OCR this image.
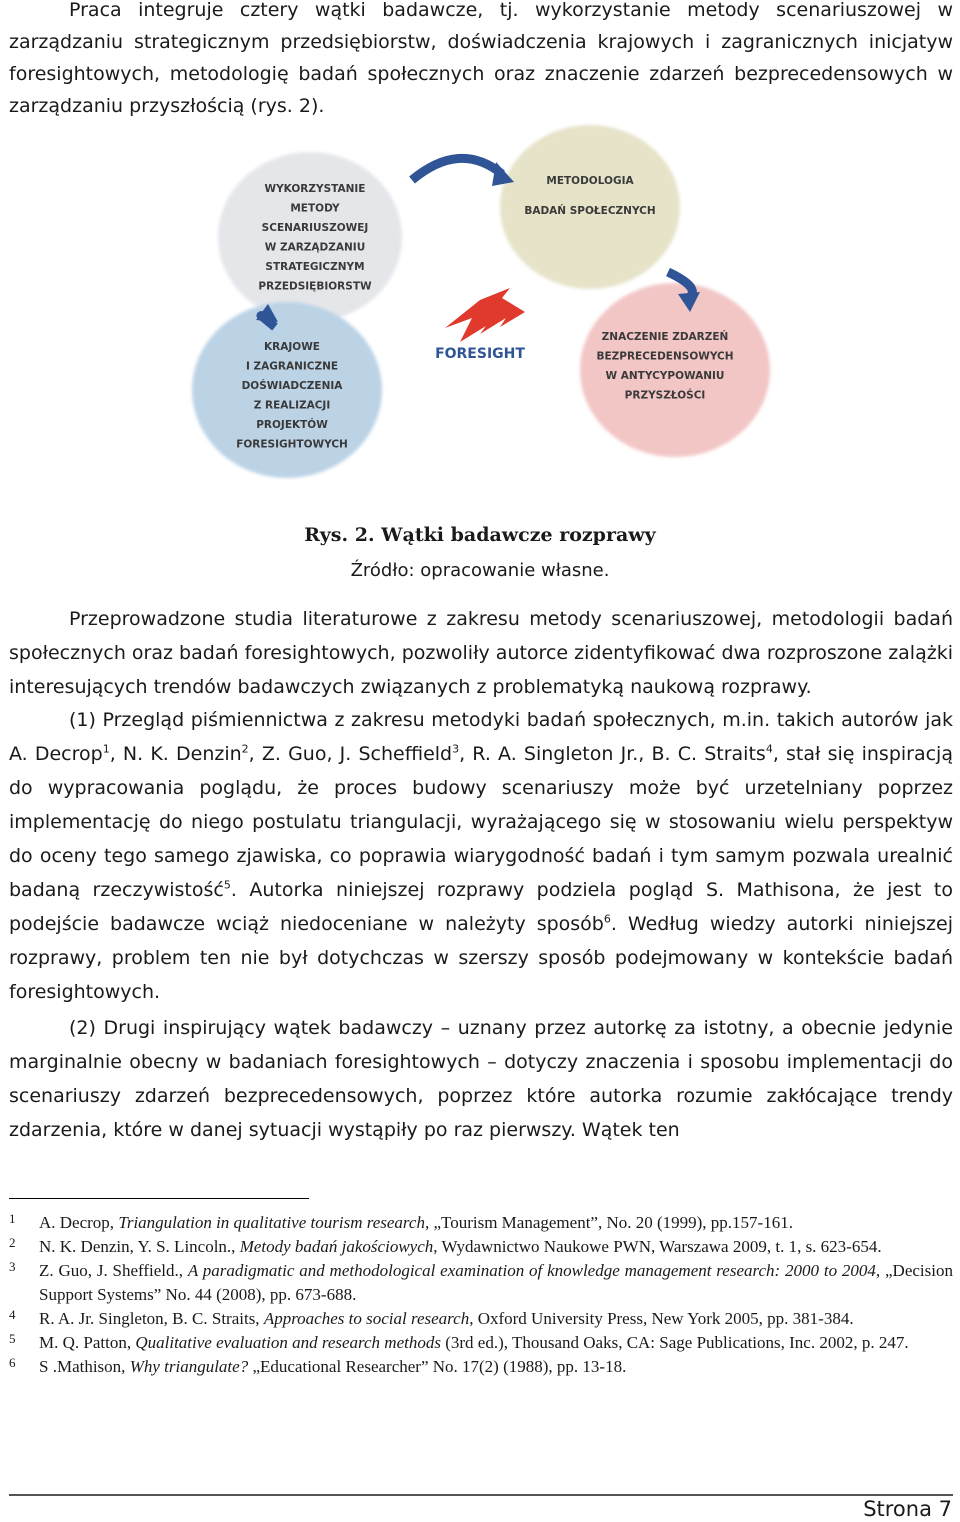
Praca integruje cztery wątki badawcze, tj. wykorzystanie metody scenariuszowej w zarządzaniu strategicznym przedsiębiorstw, doświadczenia krajowych i zagranicznych inicjatyw foresightowych, metodologię badań społecznych oraz znaczenie zdarzeń bezprecedensowych w zarządzaniu przyszłością (rys. 2).
FORESIGHT
WYKORZYSTANIE
METODY
SCENARIUSZOWEJ
W ZARZĄDZANIU
STRATEGICZNYM
PRZEDSIĘBIORSTW
METODOLOGIA
BADAŃ SPOŁECZNYCH
KRAJOWE
I ZAGRANICZNE
DOŚWIADCZENIA
Z REALIZACJI
PROJEKTÓW
FORESIGHTOWYCH
ZNACZENIE ZDARZEŃ
BEZPRECEDENSOWYCH
W ANTYCYPOWANIU
PRZYSZŁOŚCI
Rys. 2. Wątki badawcze rozprawy
Źródło: opracowanie własne.
Przeprowadzone studia literaturowe z zakresu metody scenariuszowej, metodologii badań społecznych oraz badań foresightowych, pozwoliły autorce zidentyfikować dwa rozproszone zalążki interesujących trendów badawczych związanych z problematyką naukową rozprawy.
(1) Przegląd piśmiennictwa z zakresu metodyki badań społecznych, m.in. takich autorów jak A. Decrop$^1$, N. K. Denzin$^2$, Z. Guo, J. Scheffield$^3$, R. A. Singleton Jr., B. C. Straits$^4$, stał się inspiracją do wypracowania poglądu, że proces budowy scenariuszy może być urzetelniany poprzez implementację do niego postulatu triangulacji, wyrażającego się w stosowaniu wielu perspektyw do oceny tego samego zjawiska, co poprawia wiarygodność badań i tym samym pozwala urealnić badaną rzeczywistość$^5$. Autorka niniejszej rozprawy podziela pogląd S. Mathisona, że jest to podejście badawcze wciąż niedoceniane w należyty sposób$^6$. Według wiedzy autorki niniejszej rozprawy, problem ten nie był dotychczas w szerszy sposób podejmowany w kontekście badań foresightowych.
(2) Drugi inspirujący wątek badawczy – uznany przez autorkę za istotny, a obecnie jedynie marginalnie obecny w badaniach foresightowych – dotyczy znaczenia i sposobu implementacji do scenariuszy zdarzeń bezprecedensowych, poprzez które autorka rozumie zakłócające trendy zdarzenia, które w danej sytuacji wystąpiły po raz pierwszy. Wątek ten
1	A. Decrop, Triangulation in qualitative tourism research, „Tourism Management”, No. 20 (1999), pp.157-161.
2	N. K. Denzin, Y. S. Lincoln., Metody badań jakościowych, Wydawnictwo Naukowe PWN, Warszawa 2009, t. 1, s. 623-654.
3	Z. Guo, J. Sheffield., A paradigmatic and methodological examination of knowledge management research: 2000 to 2004, „Decision Support Systems” No. 44 (2008), pp. 673-688.
4	R. A. Jr. Singleton, B. C. Straits, Approaches to social research, Oxford University Press, New York 2005, pp. 381-384.
5	M. Q. Patton, Qualitative evaluation and research methods (3rd ed.), Thousand Oaks, CA: Sage Publications, Inc. 2002, p. 247.
6	S .Mathison, Why triangulate? „Educational Researcher” No. 17(2) (1988), pp. 13-18.
Strona 7
